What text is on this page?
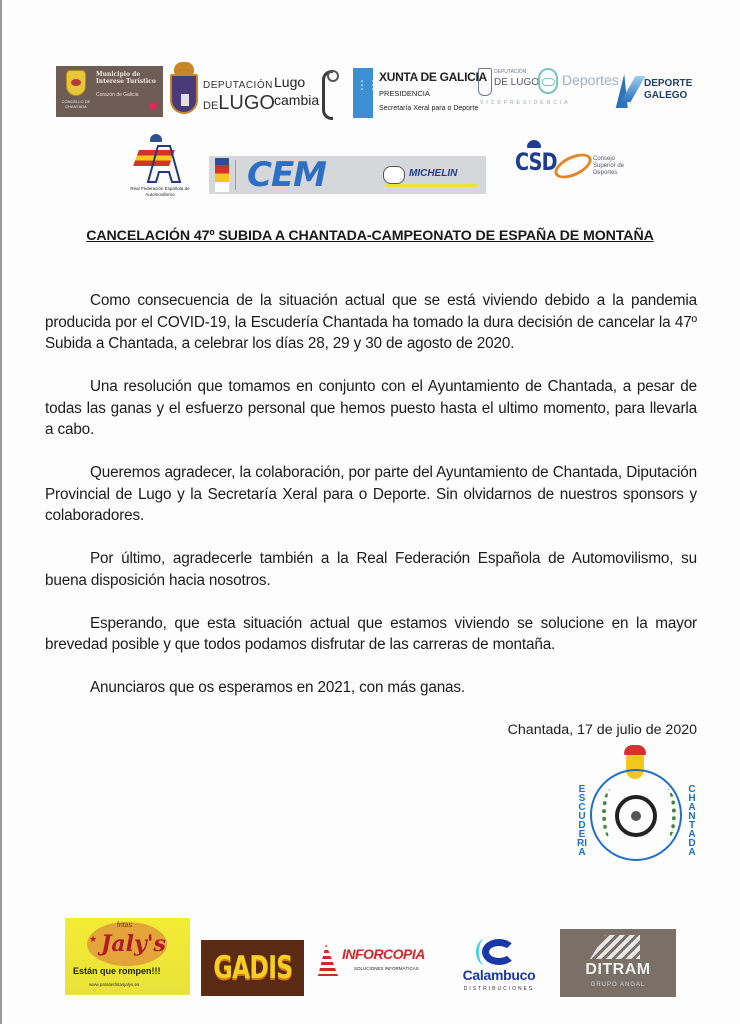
Municipio de Interese Turístico
Corazón de Galicia
CONCELLO DE CHANTADA
DEPUTACIÓN
DELUGO
Lugo
cambia
⋮⋮
XUNTA DE GALICIA
PRESIDENCIA
Secretaría Xeral para o Deporte
DEPUTACIÓN
DE LUGO Deportes
VICEPRESIDENCIA
DEPORTE
GALEGO
Real Federación Española de Automovilismo	CEM	MICHELIN CSD	Consejo Superior de Deportes
CANCELACIÓN 47º SUBIDA A CHANTADA-CAMPEONATO DE ESPAÑA DE MONTAÑA

Como consecuencia de la situación actual que se está viviendo debido a la pandemia producida por el COVID-19, la Escudería Chantada ha tomado la dura decisión de cancelar la 47º Subida a Chantada, a celebrar los días 28, 29 y 30 de agosto de 2020.

Una resolución que tomamos en conjunto con el Ayuntamiento de Chantada, a pesar de todas las ganas y el esfuerzo personal que hemos puesto hasta el ultimo momento, para llevarla a cabo.

Queremos agradecer, la colaboración, por parte del Ayuntamiento de Chantada, Diputación Provincial de Lugo y la Secretaría Xeral para o Deporte. Sin olvidarnos de nuestros sponsors y colaboradores.

Por último, agradecerle también a la Real Federación Española de Automovilismo, su buena disposición hacia nosotros.

Esperando, que esta situación actual que estamos viviendo se solucione en la mayor brevedad posible y que todos podamos disfrutar de las carreras de montaña.

Anunciaros que os esperamos en 2021, con más ganas.

Chantada, 17 de julio de 2020
ESCUDERIA
CHANTADA
fritas
★ Jaly's
Están que rompen!!!
www.patatasfritasjalys.es GADIS	INFORCOPIA
SOLUCIONES INFORMÁTICAS	Calambuco
DISTRIBUCIONES
DITRAM
GRUPO ANGAL
